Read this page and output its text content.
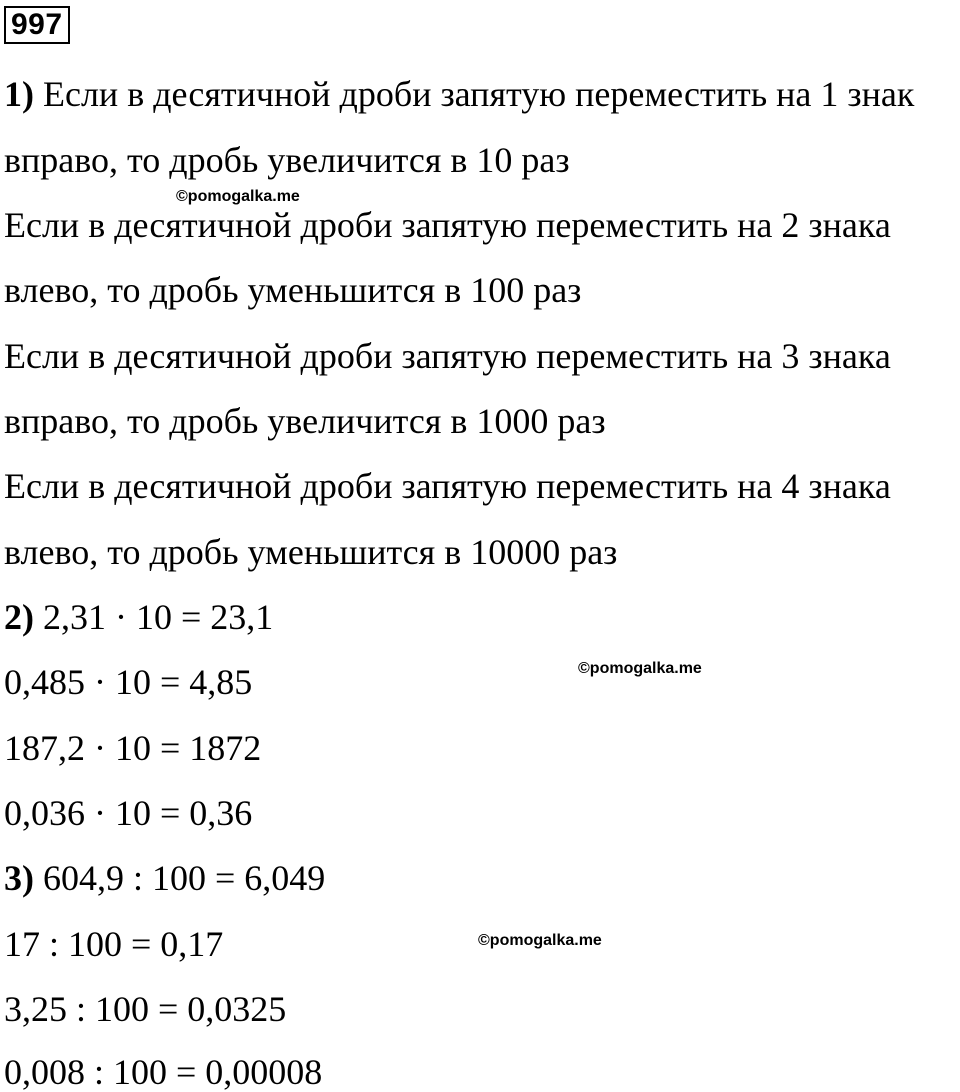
997
1) Если в десятичной дроби запятую переместить на 1 знак
вправо, то дробь увеличится в 10 раз
Если в десятичной дроби запятую переместить на 2 знака
влево, то дробь уменьшится в 100 раз
Если в десятичной дроби запятую переместить на 3 знака
вправо, то дробь увеличится в 1000 раз
Если в десятичной дроби запятую переместить на 4 знака
влево, то дробь уменьшится в 10000 раз
2) 2,31 · 10 = 23,1
0,485 · 10 = 4,85
187,2 · 10 = 1872
0,036 · 10 = 0,36
3) 604,9 : 100 = 6,049
17 : 100 = 0,17
3,25 : 100 = 0,0325
0,008 : 100 = 0,00008
©pomogalka.me
©pomogalka.me
©pomogalka.me
